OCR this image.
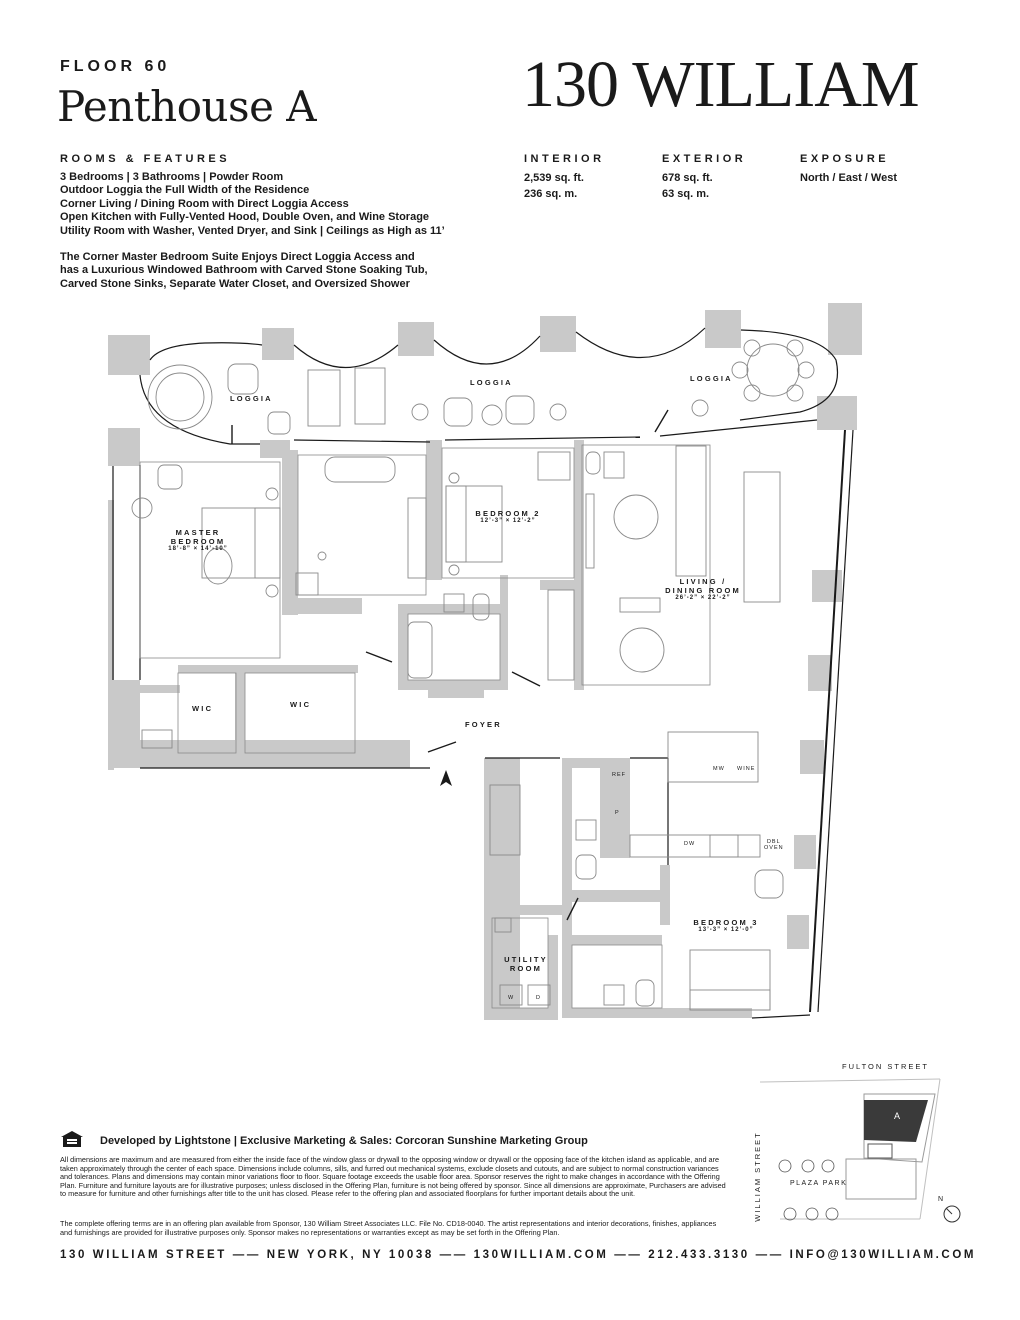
FLOOR 60
Penthouse A	130 WILLIAM
ROOMS & FEATURES
3 Bedrooms | 3 Bathrooms | Powder Room
Outdoor Loggia the Full Width of the Residence
Corner Living / Dining Room with Direct Loggia Access
Open Kitchen with Fully-Vented Hood, Double Oven, and Wine Storage
Utility Room with Washer, Vented Dryer, and Sink | Ceilings as High as 11’
The Corner Master Bedroom Suite Enjoys Direct Loggia Access and
has a Luxurious Windowed Bathroom with Carved Stone Soaking Tub,
Carved Stone Sinks, Separate Water Closet, and Oversized Shower
INTERIOR
2,539 sq. ft.
236 sq. m.
EXTERIOR
678 sq. ft.
63 sq. m.
EXPOSURE
North / East / West
LOGGIA
LOGGIA	LOGGIA
MASTER
BEDROOM
18’-8” × 14’-10”
BEDROOM 2
12’-3” × 12’-2”
LIVING /
DINING ROOM
26’-2” × 22’-2”
WIC	WIC
FOYER
BEDROOM 3
13’-3” × 12’-0”
UTILITY
ROOM
REF
P
DW	DBL
OVEN
MW WINE
W	D
FULTON STREET
WILLIAM STREET
A
PLAZA PARK
N
Developed by Lightstone | Exclusive Marketing & Sales: Corcoran Sunshine Marketing Group
All dimensions are maximum and are measured from either the inside face of the window glass or drywall to the opposing window or drywall or the opposing face of the kitchen island as applicable, and are taken approximately through the center of each space. Dimensions include columns, sills, and furred out mechanical systems, exclude closets and cutouts, and are subject to normal construction variances and tolerances. Plans and dimensions may contain minor variations floor to floor. Square footage exceeds the usable floor area. Sponsor reserves the right to make changes in accordance with the Offering Plan. Furniture and furniture layouts are for illustrative purposes; unless disclosed in the Offering Plan, furniture is not being offered by sponsor. Since all dimensions are approximate, Purchasers are advised to measure for furniture and other furnishings after title to the unit has closed. Please refer to the offering plan and associated floorplans for further important details about the unit.
The complete offering terms are in an offering plan available from Sponsor, 130 William Street Associates LLC. File No. CD18-0040. The artist representations and interior decorations, finishes, appliances and furnishings are provided for illustrative purposes only. Sponsor makes no representations or warranties except as may be set forth in the Offering Plan.
130 WILLIAM STREET —— NEW YORK, NY 10038 —— 130WILLIAM.COM —— 212.433.3130 —— INFO@130WILLIAM.COM
